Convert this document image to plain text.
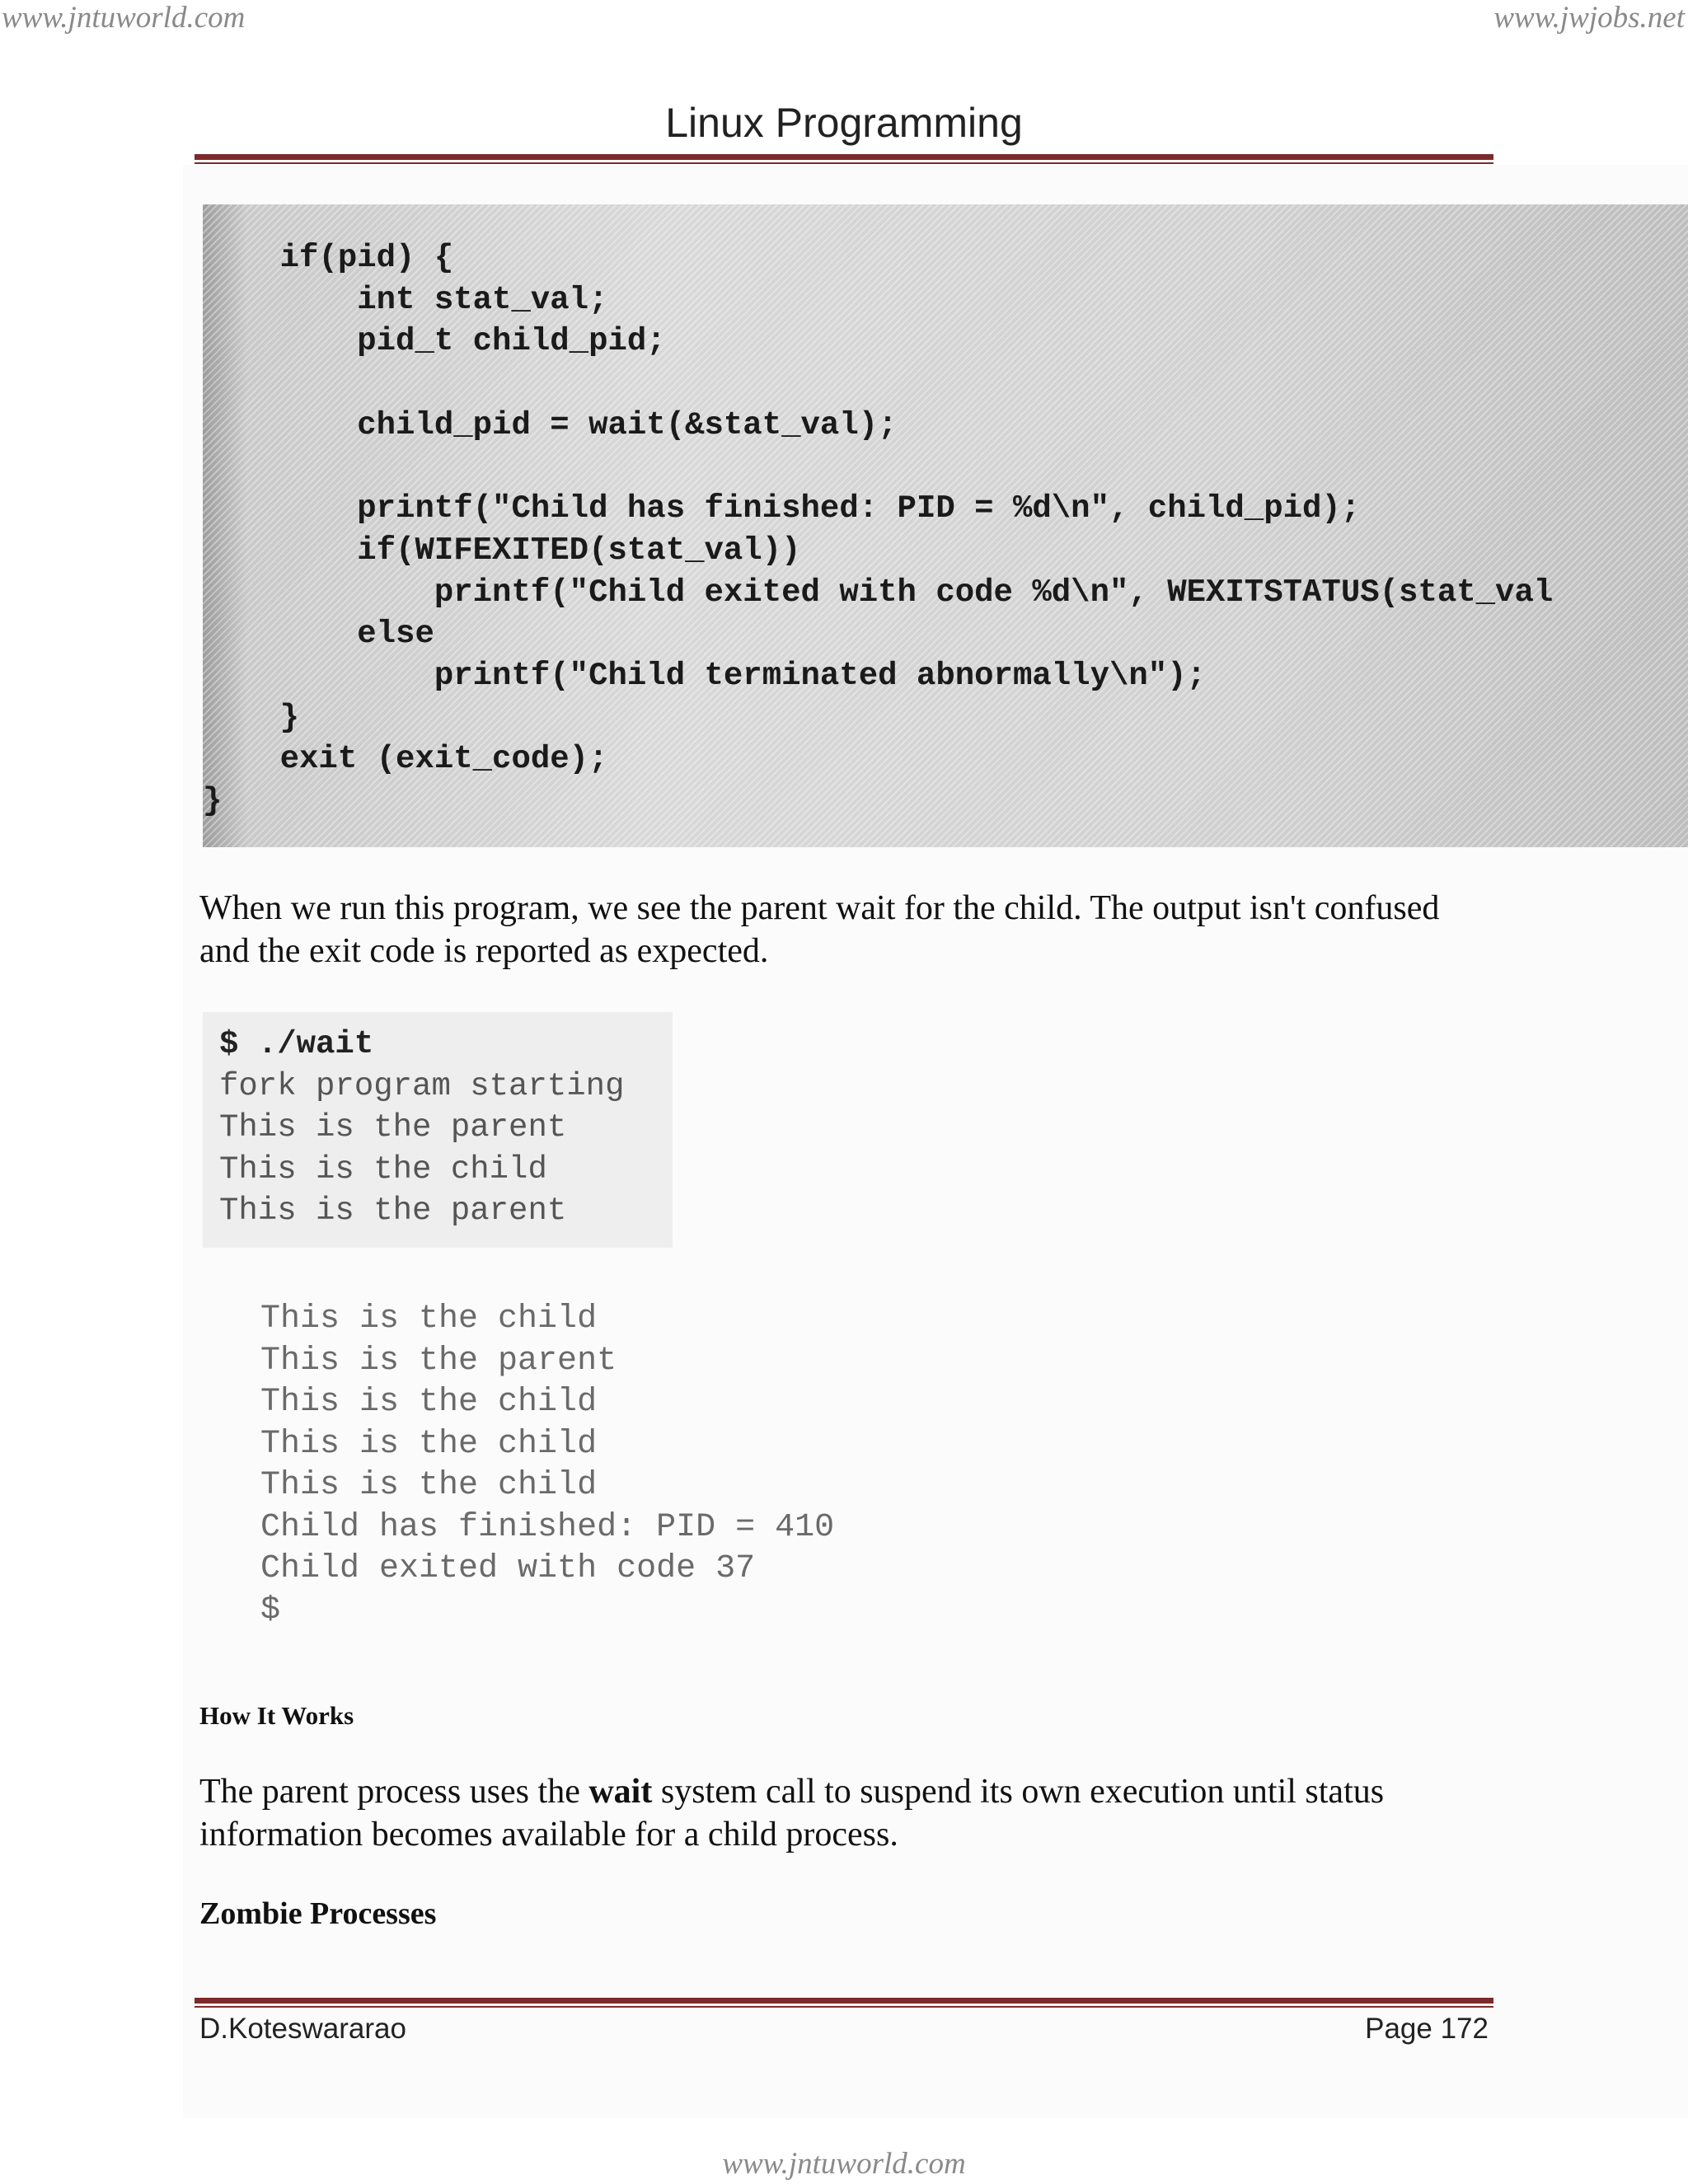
www.jntuworld.com	www.jwjobs.net
Linux Programming
if(pid) {
int stat_val;
pid_t child_pid;

child_pid = wait(&stat_val);

printf("Child has finished: PID = %d\n", child_pid);
if(WIFEXITED(stat_val))
printf("Child exited with code %d\n", WEXITSTATUS(stat_val
else
printf("Child terminated abnormally\n");
}
exit (exit_code);
}
When we run this program, we see the parent wait for the child. The output isn't confused and the exit code is reported as expected.
$ ./wait
fork program starting
This is the parent
This is the child
This is the parent
This is the child
This is the parent
This is the child
This is the child
This is the child
Child has finished: PID = 410
Child exited with code 37
$
How It Works
The parent process uses the wait system call to suspend its own execution until status information becomes available for a child process.
Zombie Processes
D.Koteswararao	Page 172
www.jntuworld.com
